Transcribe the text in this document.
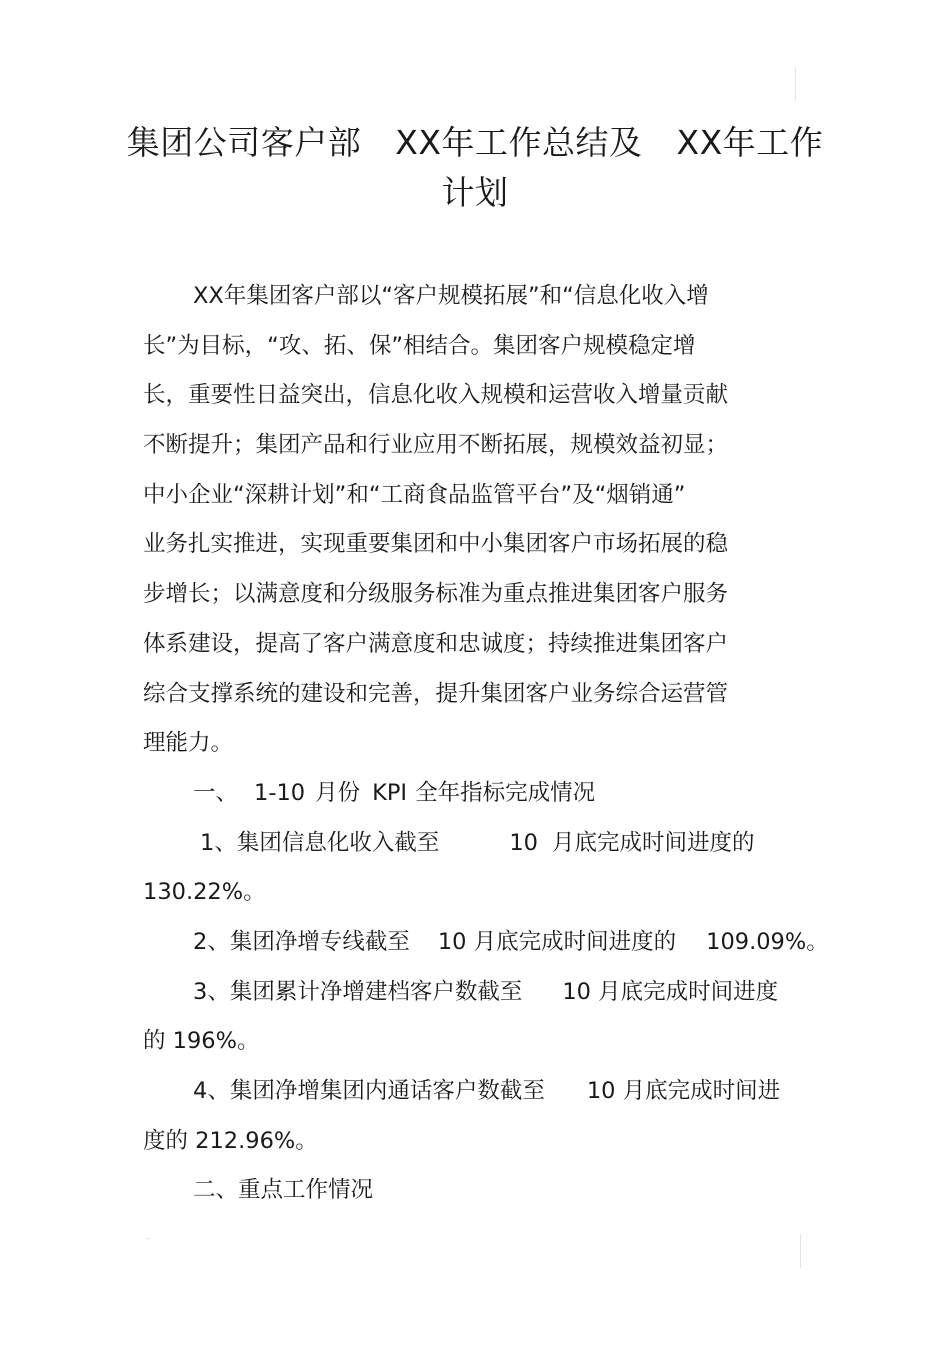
集团公司客户部 XX年工作总结及 XX年工作
计划
XX年集团客户部以“客户规模拓展”和“信息化收入增
长”为目标，“攻、拓、保”相结合。集团客户规模稳定增
长，重要性日益突出，信息化收入规模和运营收入增量贡献
不断提升；集团产品和行业应用不断拓展，规模效益初显；
中小企业“深耕计划”和“工商食品监管平台”及“烟销通”
业务扎实推进，实现重要集团和中小集团客户市场拓展的稳
步增长；以满意度和分级服务标准为重点推进集团客户服务
体系建设，提高了客户满意度和忠诚度；持续推进集团客户
综合支撑系统的建设和完善，提升集团客户业务综合运营管
理能力。
一、 1-10 月份 KPI 全年指标完成情况
1、集团信息化收入截至	10 月底完成时间进度的
130.22%。
2、集团净增专线截至 10 月底完成时间进度的 109.09%。
3、集团累计净增建档客户数截至 10 月底完成时间进度
的 196%。
4、集团净增集团内通话客户数截至 10 月底完成时间进
度的 212.96%。
二、重点工作情况
